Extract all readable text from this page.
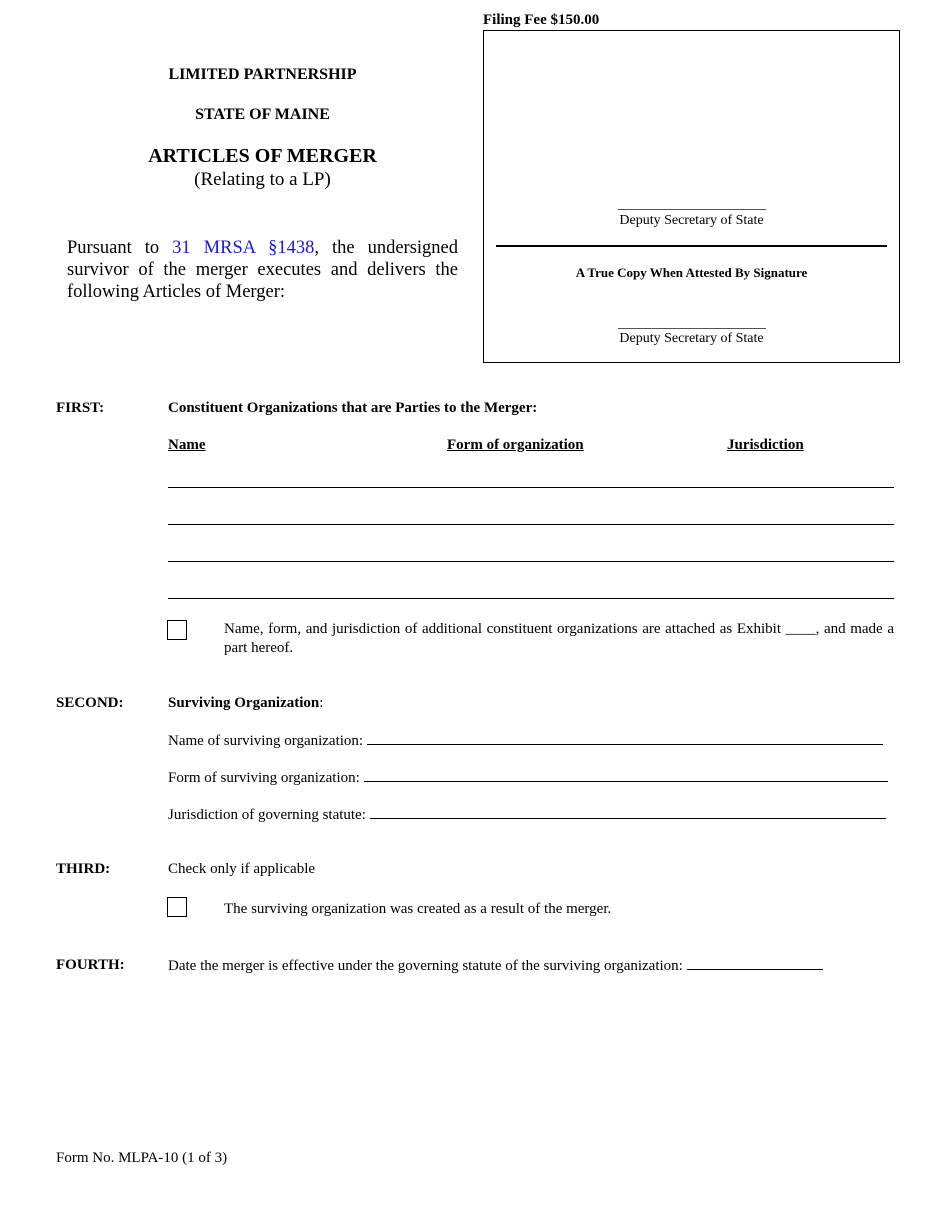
Filing Fee $150.00
Deputy Secretary of State
A True Copy When Attested By Signature
Deputy Secretary of State
LIMITED PARTNERSHIP
STATE OF MAINE
ARTICLES OF MERGER
(Relating to a LP)
Pursuant to 31 MRSA §1438, the undersigned survivor of the merger executes and delivers the following Articles of Merger:
FIRST:	Constituent Organizations that are Parties to the Merger:
Name	Form of organization	Jurisdiction
Name, form, and jurisdiction of additional constituent organizations are attached as Exhibit ____, and made a part hereof.
SECOND:	Surviving Organization:
Name of surviving organization:
Form of surviving organization:
Jurisdiction of governing statute:
THIRD:	Check only if applicable
The surviving organization was created as a result of the merger.
FOURTH:	Date the merger is effective under the governing statute of the surviving organization:
Form No. MLPA-10 (1 of 3)
